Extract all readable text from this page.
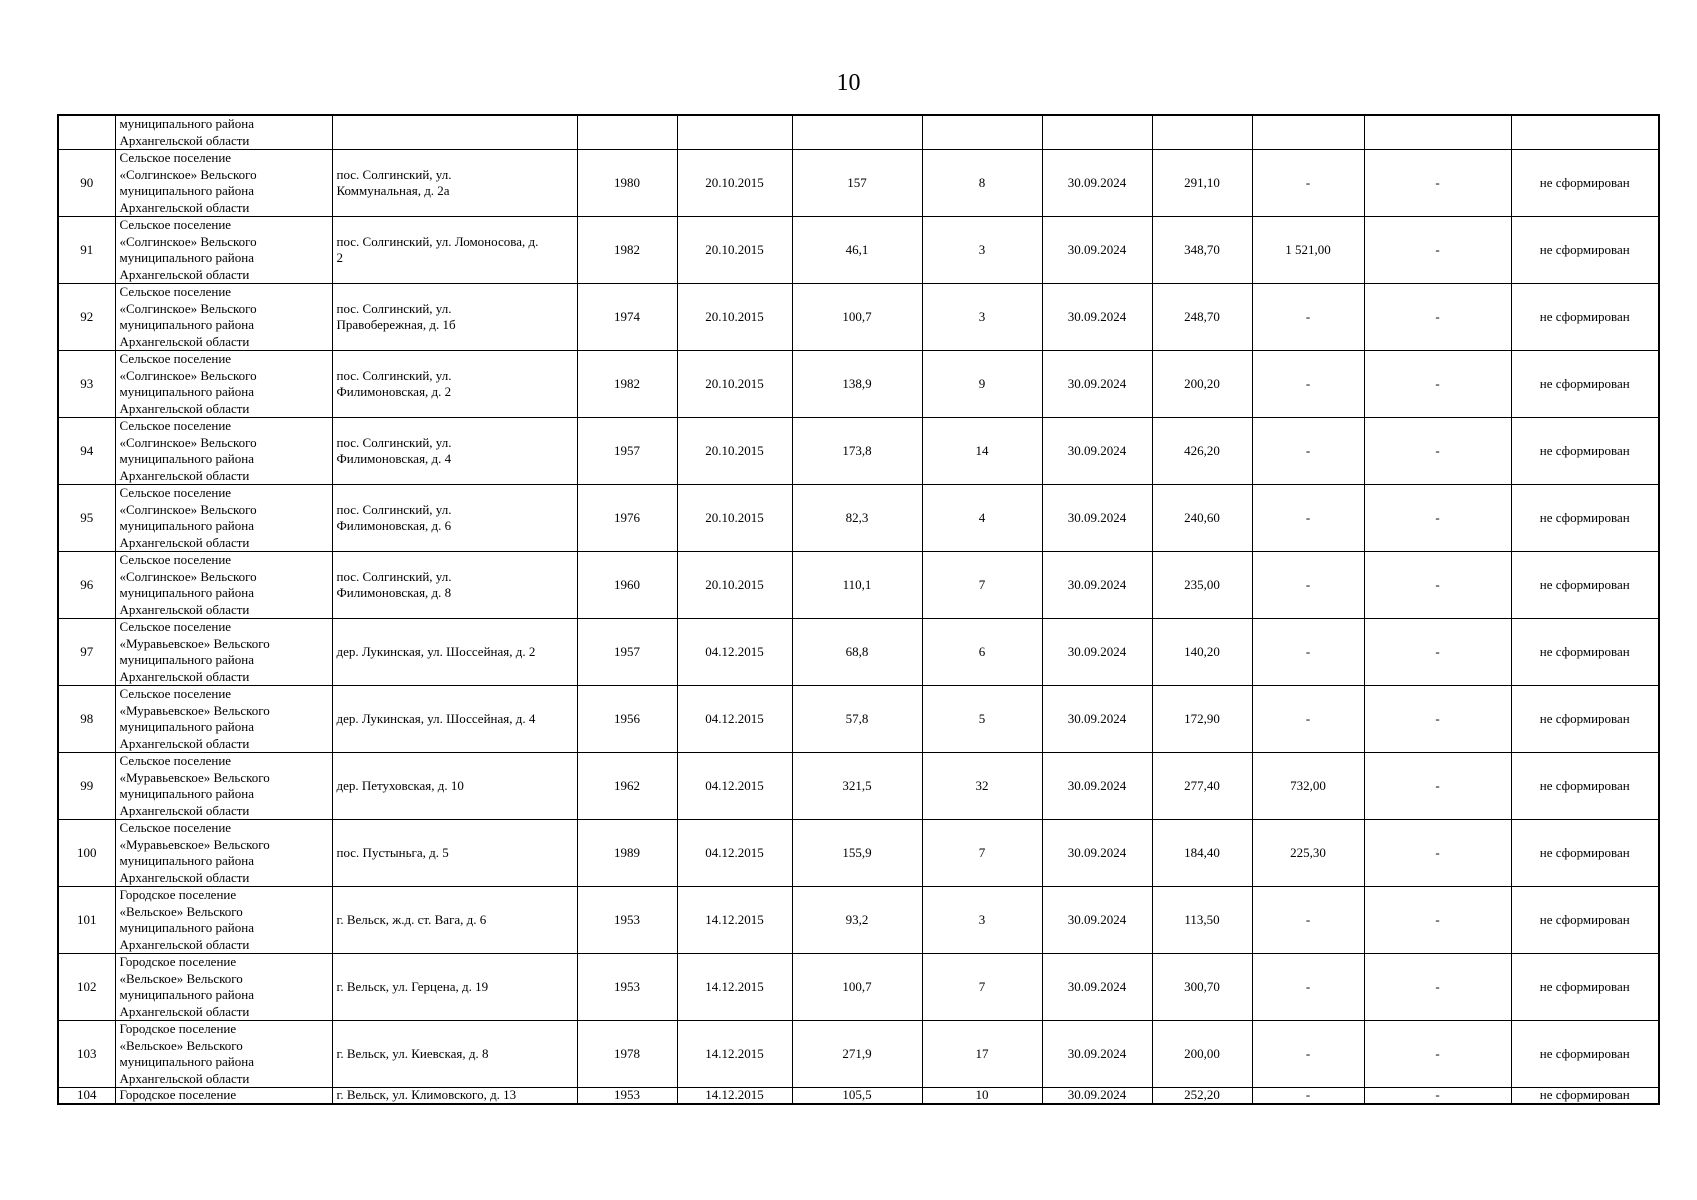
10
	муниципального района
Архангельской области										
90	Сельское поселение
«Солгинское» Вельского
муниципального района
Архангельской области	пос. Солгинский, ул.
Коммунальная, д. 2а	1980	20.10.2015	157	8	30.09.2024	291,10	-	-	не сформирован
91	Сельское поселение
«Солгинское» Вельского
муниципального района
Архангельской области	пос. Солгинский, ул. Ломоносова, д.
2	1982	20.10.2015	46,1	3	30.09.2024	348,70	1 521,00	-	не сформирован
92	Сельское поселение
«Солгинское» Вельского
муниципального района
Архангельской области	пос. Солгинский, ул.
Правобережная, д. 1б	1974	20.10.2015	100,7	3	30.09.2024	248,70	-	-	не сформирован
93	Сельское поселение
«Солгинское» Вельского
муниципального района
Архангельской области	пос. Солгинский, ул.
Филимоновская, д. 2	1982	20.10.2015	138,9	9	30.09.2024	200,20	-	-	не сформирован
94	Сельское поселение
«Солгинское» Вельского
муниципального района
Архангельской области	пос. Солгинский, ул.
Филимоновская, д. 4	1957	20.10.2015	173,8	14	30.09.2024	426,20	-	-	не сформирован
95	Сельское поселение
«Солгинское» Вельского
муниципального района
Архангельской области	пос. Солгинский, ул.
Филимоновская, д. 6	1976	20.10.2015	82,3	4	30.09.2024	240,60	-	-	не сформирован
96	Сельское поселение
«Солгинское» Вельского
муниципального района
Архангельской области	пос. Солгинский, ул.
Филимоновская, д. 8	1960	20.10.2015	110,1	7	30.09.2024	235,00	-	-	не сформирован
97	Сельское поселение
«Муравьевское» Вельского
муниципального района
Архангельской области	дер. Лукинская, ул. Шоссейная, д. 2	1957	04.12.2015	68,8	6	30.09.2024	140,20	-	-	не сформирован
98	Сельское поселение
«Муравьевское» Вельского
муниципального района
Архангельской области	дер. Лукинская, ул. Шоссейная, д. 4	1956	04.12.2015	57,8	5	30.09.2024	172,90	-	-	не сформирован
99	Сельское поселение
«Муравьевское» Вельского
муниципального района
Архангельской области	дер. Петуховская, д. 10	1962	04.12.2015	321,5	32	30.09.2024	277,40	732,00	-	не сформирован
100	Сельское поселение
«Муравьевское» Вельского
муниципального района
Архангельской области	пос. Пустыньга, д. 5	1989	04.12.2015	155,9	7	30.09.2024	184,40	225,30	-	не сформирован
101	Городское поселение
«Вельское» Вельского
муниципального района
Архангельской области	г. Вельск, ж.д. ст. Вага, д. 6	1953	14.12.2015	93,2	3	30.09.2024	113,50	-	-	не сформирован
102	Городское поселение
«Вельское» Вельского
муниципального района
Архангельской области	г. Вельск, ул. Герцена, д. 19	1953	14.12.2015	100,7	7	30.09.2024	300,70	-	-	не сформирован
103	Городское поселение
«Вельское» Вельского
муниципального района
Архангельской области	г. Вельск, ул. Киевская, д. 8	1978	14.12.2015	271,9	17	30.09.2024	200,00	-	-	не сформирован
104	Городское поселение	г. Вельск, ул. Климовского, д. 13	1953	14.12.2015	105,5	10	30.09.2024	252,20	-	-	не сформирован
